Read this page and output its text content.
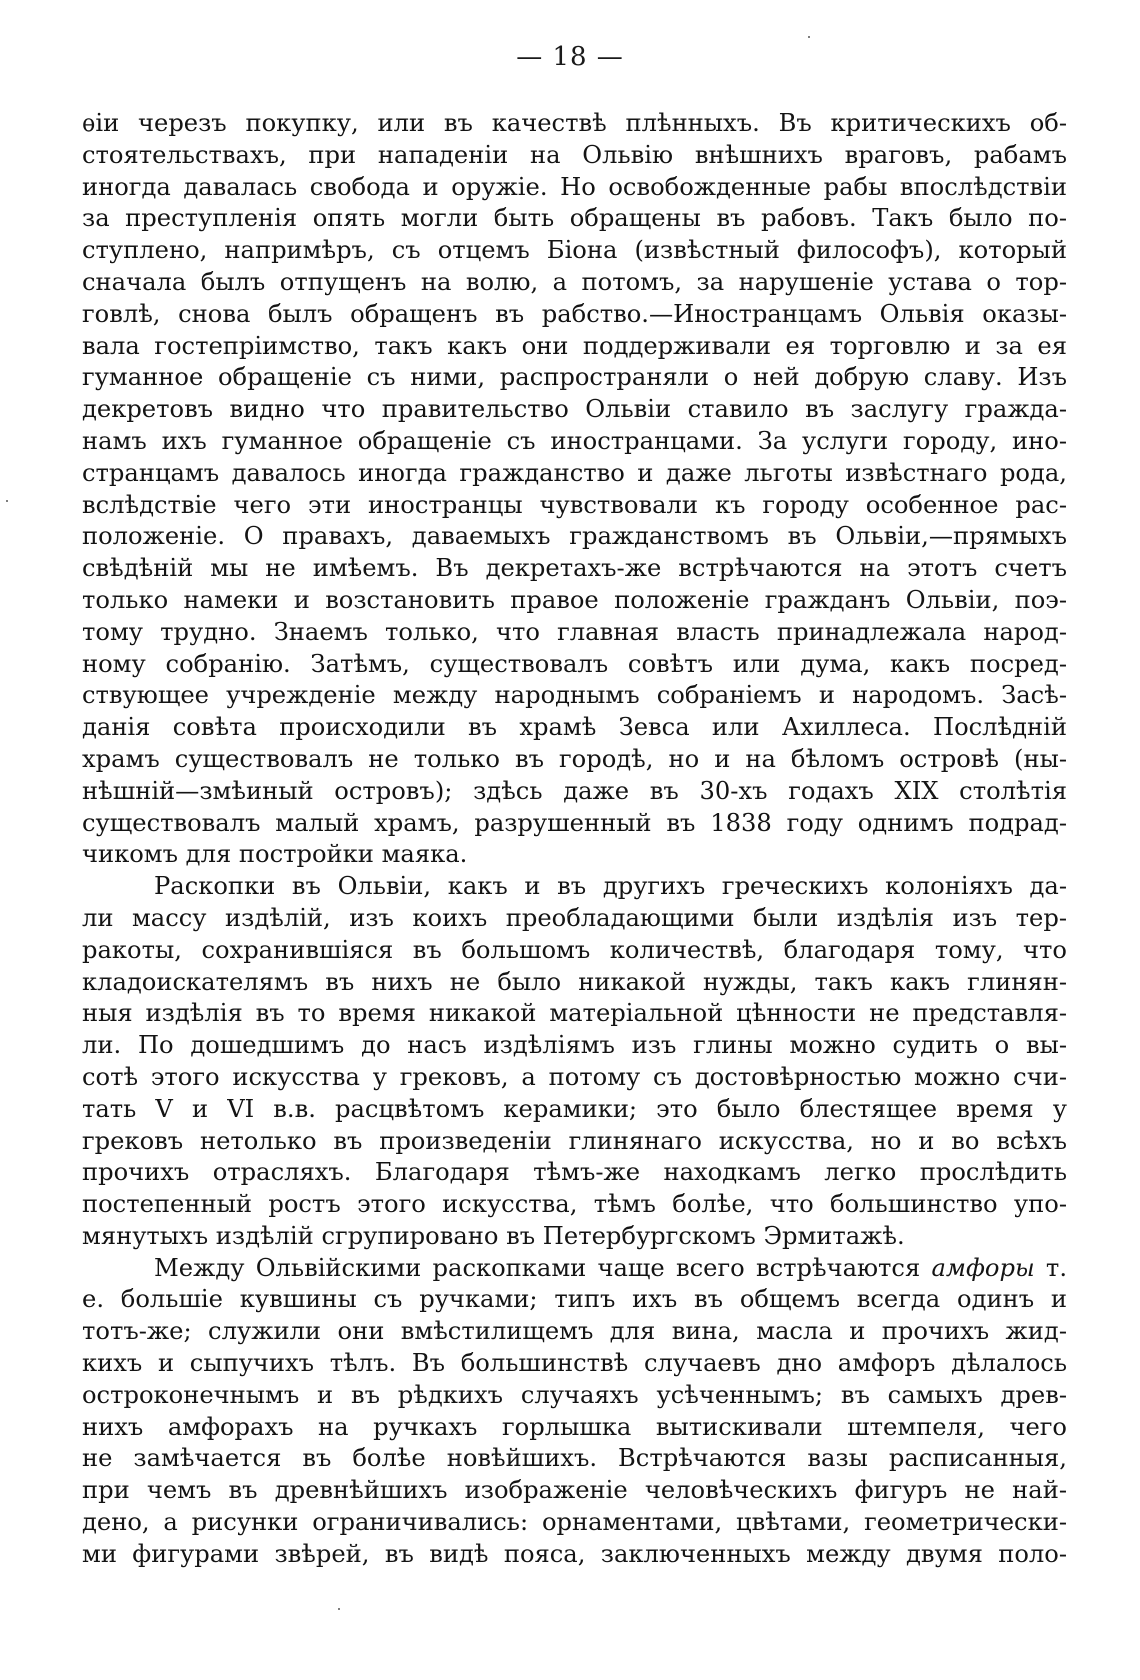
— 18 —
ѳіи черезъ покупку, или въ качествѣ плѣнныхъ. Въ критическихъ об-
стоятельствахъ, при нападеніи на Ольвію внѣшнихъ враговъ, рабамъ
иногда давалась свобода и оружіе. Но освобожденные рабы впослѣдствіи
за преступленія опять могли быть обращены въ рабовъ. Такъ было по-
ступлено, напримѣръ, съ отцемъ Біона (извѣстный философъ), который
сначала былъ отпущенъ на волю, а потомъ, за нарушеніе устава о тор-
говлѣ, снова былъ обращенъ въ рабство.—Иностранцамъ Ольвія оказы-
вала гостепріимство, такъ какъ они поддерживали ея торговлю и за ея
гуманное обращеніе съ ними, распространяли о ней добрую славу. Изъ
декретовъ видно что правительство Ольвіи ставило въ заслугу гражда-
намъ ихъ гуманное обращеніе съ иностранцами. За услуги городу, ино-
странцамъ давалось иногда гражданство и даже льготы извѣстнаго рода,
вслѣдствіе чего эти иностранцы чувствовали къ городу особенное рас-
положеніе. О правахъ, даваемыхъ гражданствомъ въ Ольвіи,—прямыхъ
свѣдѣній мы не имѣемъ. Въ декретахъ-же встрѣчаются на этотъ счетъ
только намеки и возстановить правое положеніе гражданъ Ольвіи, поэ-
тому трудно. Знаемъ только, что главная власть принадлежала народ-
ному собранію. Затѣмъ, существовалъ совѣтъ или дума, какъ посред-
ствующее учрежденіе между народнымъ собраніемъ и народомъ. Засѣ-
данія совѣта происходили въ храмѣ Зевса или Ахиллеса. Послѣдній
храмъ существовалъ не только въ городѣ, но и на бѣломъ островѣ (ны-
нѣшній—змѣиный островъ); здѣсь даже въ 30-хъ годахъ XIX столѣтія
существовалъ малый храмъ, разрушенный въ 1838 году однимъ подрад-
чикомъ для постройки маяка.
Раскопки въ Ольвіи, какъ и въ другихъ греческихъ колоніяхъ да-
ли массу издѣлій, изъ коихъ преобладающими были издѣлія изъ тер-
ракоты, сохранившіяся въ большомъ количествѣ, благодаря тому, что
кладоискателямъ въ нихъ не было никакой нужды, такъ какъ глинян-
ныя издѣлія въ то время никакой матеріальной цѣнности не представля-
ли. По дошедшимъ до насъ издѣліямъ изъ глины можно судить о вы-
сотѣ этого искусства у грековъ, а потому съ достовѣрностью можно счи-
тать V и VI в.в. расцвѣтомъ керамики; это было блестящее время у
грековъ нетолько въ произведеніи глинянаго искусства, но и во всѣхъ
прочихъ отрасляхъ. Благодаря тѣмъ-же находкамъ легко прослѣдить
постепенный ростъ этого искусства, тѣмъ болѣе, что большинство упо-
мянутыхъ издѣлій сгрупировано въ Петербургскомъ Эрмитажѣ.
Между Ольвійскими раскопками чаще всего встрѣчаются амфоры т.
е. большіе кувшины съ ручками; типъ ихъ въ общемъ всегда одинъ и
тотъ-же; служили они вмѣстилищемъ для вина, масла и прочихъ жид-
кихъ и сыпучихъ тѣлъ. Въ большинствѣ случаевъ дно амфоръ дѣлалось
остроконечнымъ и въ рѣдкихъ случаяхъ усѣченнымъ; въ самыхъ древ-
нихъ амфорахъ на ручкахъ горлышка вытискивали штемпеля, чего
не замѣчается въ болѣе новѣйшихъ. Встрѣчаются вазы расписанныя,
при чемъ въ древнѣйшихъ изображеніе человѣческихъ фигуръ не най-
дено, а рисунки ограничивались: орнаментами, цвѣтами, геометрически-
ми фигурами звѣрей, въ видѣ пояса, заключенныхъ между двумя поло-
